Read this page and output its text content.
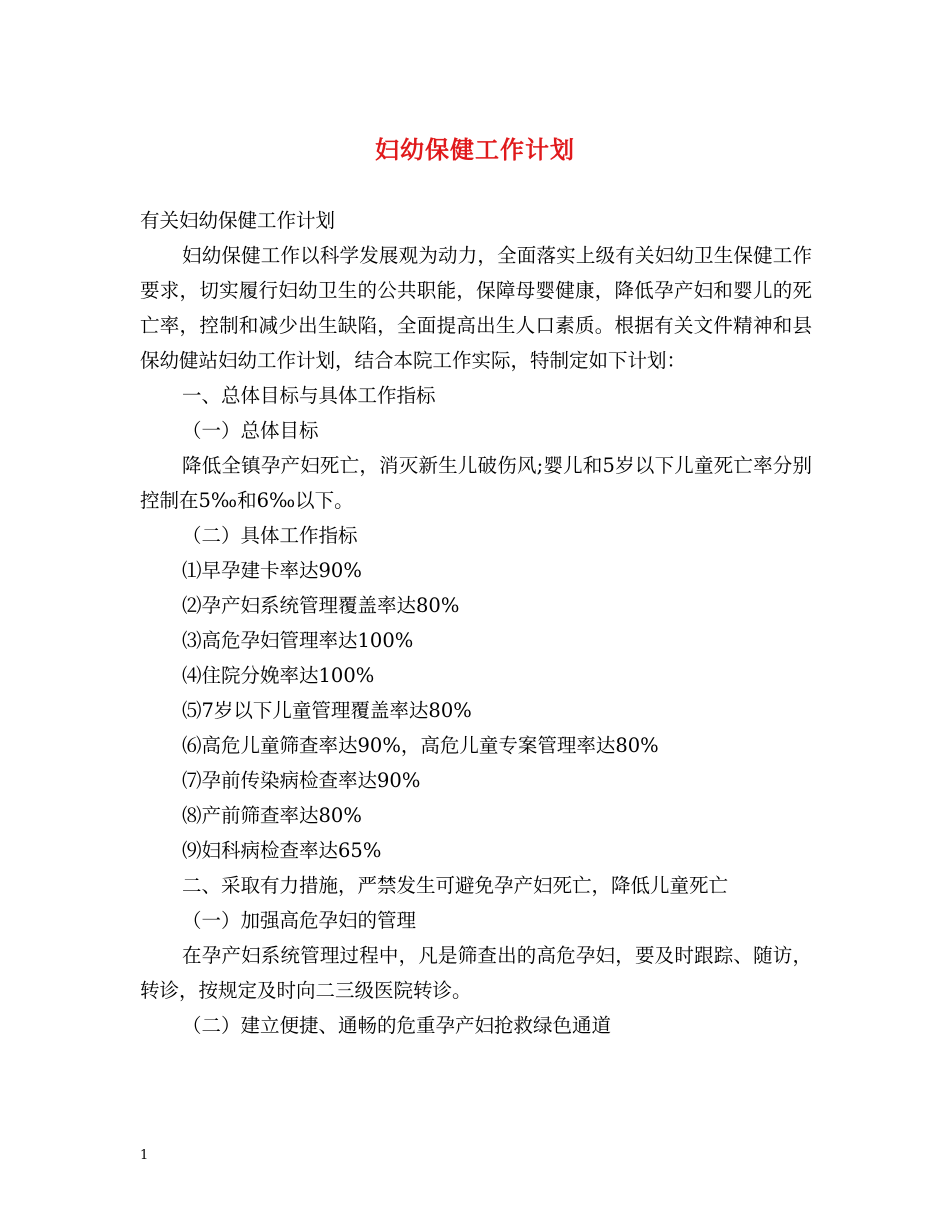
妇幼保健工作计划

有关妇幼保健工作计划

妇幼保健工作以科学发展观为动力，全面落实上级有关妇幼卫生保健工作要求，切实履行妇幼卫生的公共职能，保障母婴健康，降低孕产妇和婴儿的死亡率，控制和减少出生缺陷，全面提高出生人口素质。根据有关文件精神和县保幼健站妇幼工作计划，结合本院工作实际，特制定如下计划：

一、总体目标与具体工作指标

（一）总体目标

降低全镇孕产妇死亡，消灭新生儿破伤风;婴儿和5岁以下儿童死亡率分别控制在5‰和6‰以下。

（二）具体工作指标

⑴早孕建卡率达90%

⑵孕产妇系统管理覆盖率达80%

⑶高危孕妇管理率达100%

⑷住院分娩率达100%

⑸7岁以下儿童管理覆盖率达80%

⑹高危儿童筛查率达90%，高危儿童专案管理率达80%

⑺孕前传染病检查率达90%

⑻产前筛查率达80%

⑼妇科病检查率达65%

二、采取有力措施，严禁发生可避免孕产妇死亡，降低儿童死亡

（一）加强高危孕妇的管理

在孕产妇系统管理过程中，凡是筛查出的高危孕妇，要及时跟踪、随访，转诊，按规定及时向二三级医院转诊。

（二）建立便捷、通畅的危重孕产妇抢救绿色通道

1
